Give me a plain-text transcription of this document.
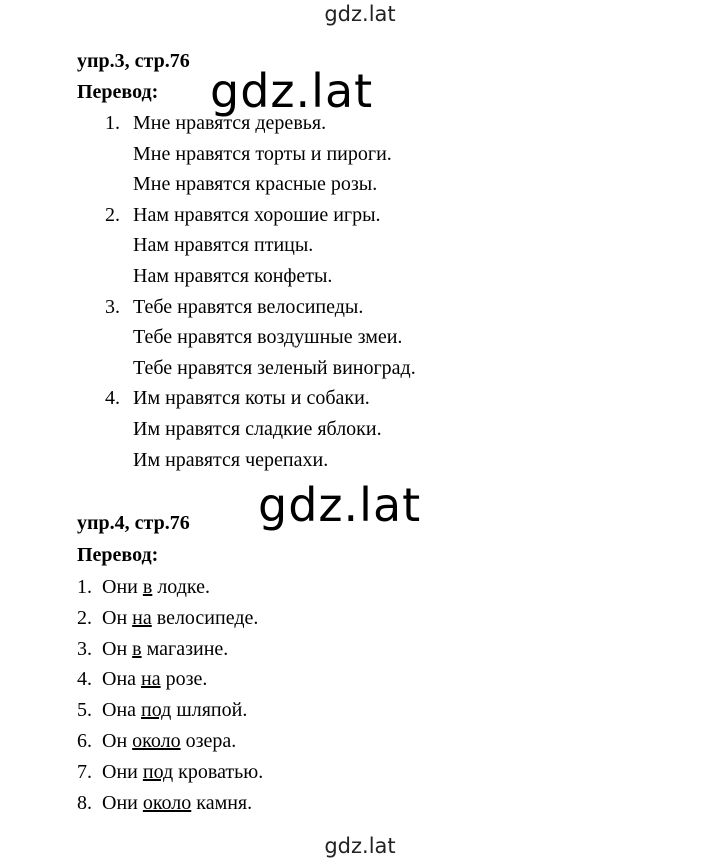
gdz.lat
gdz.lat
gdz.lat
упр.3, стр.76
Перевод:
1. Мне нравятся деревья.
Мне нравятся торты и пироги.
Мне нравятся красные розы.
2. Нам нравятся хорошие игры.
Нам нравятся птицы.
Нам нравятся конфеты.
3. Тебе нравятся велосипеды.
Тебе нравятся воздушные змеи.
Тебе нравятся зеленый виноград.
4. Им нравятся коты и собаки.
Им нравятся сладкие яблоки.
Им нравятся черепахи.
упр.4, стр.76
Перевод:
1. Они в лодке.
2. Он на велосипеде.
3. Он в магазине.
4. Она на розе.
5. Она под шляпой.
6. Он около озера.
7. Они под кроватью.
8. Они около камня.
gdz.lat
